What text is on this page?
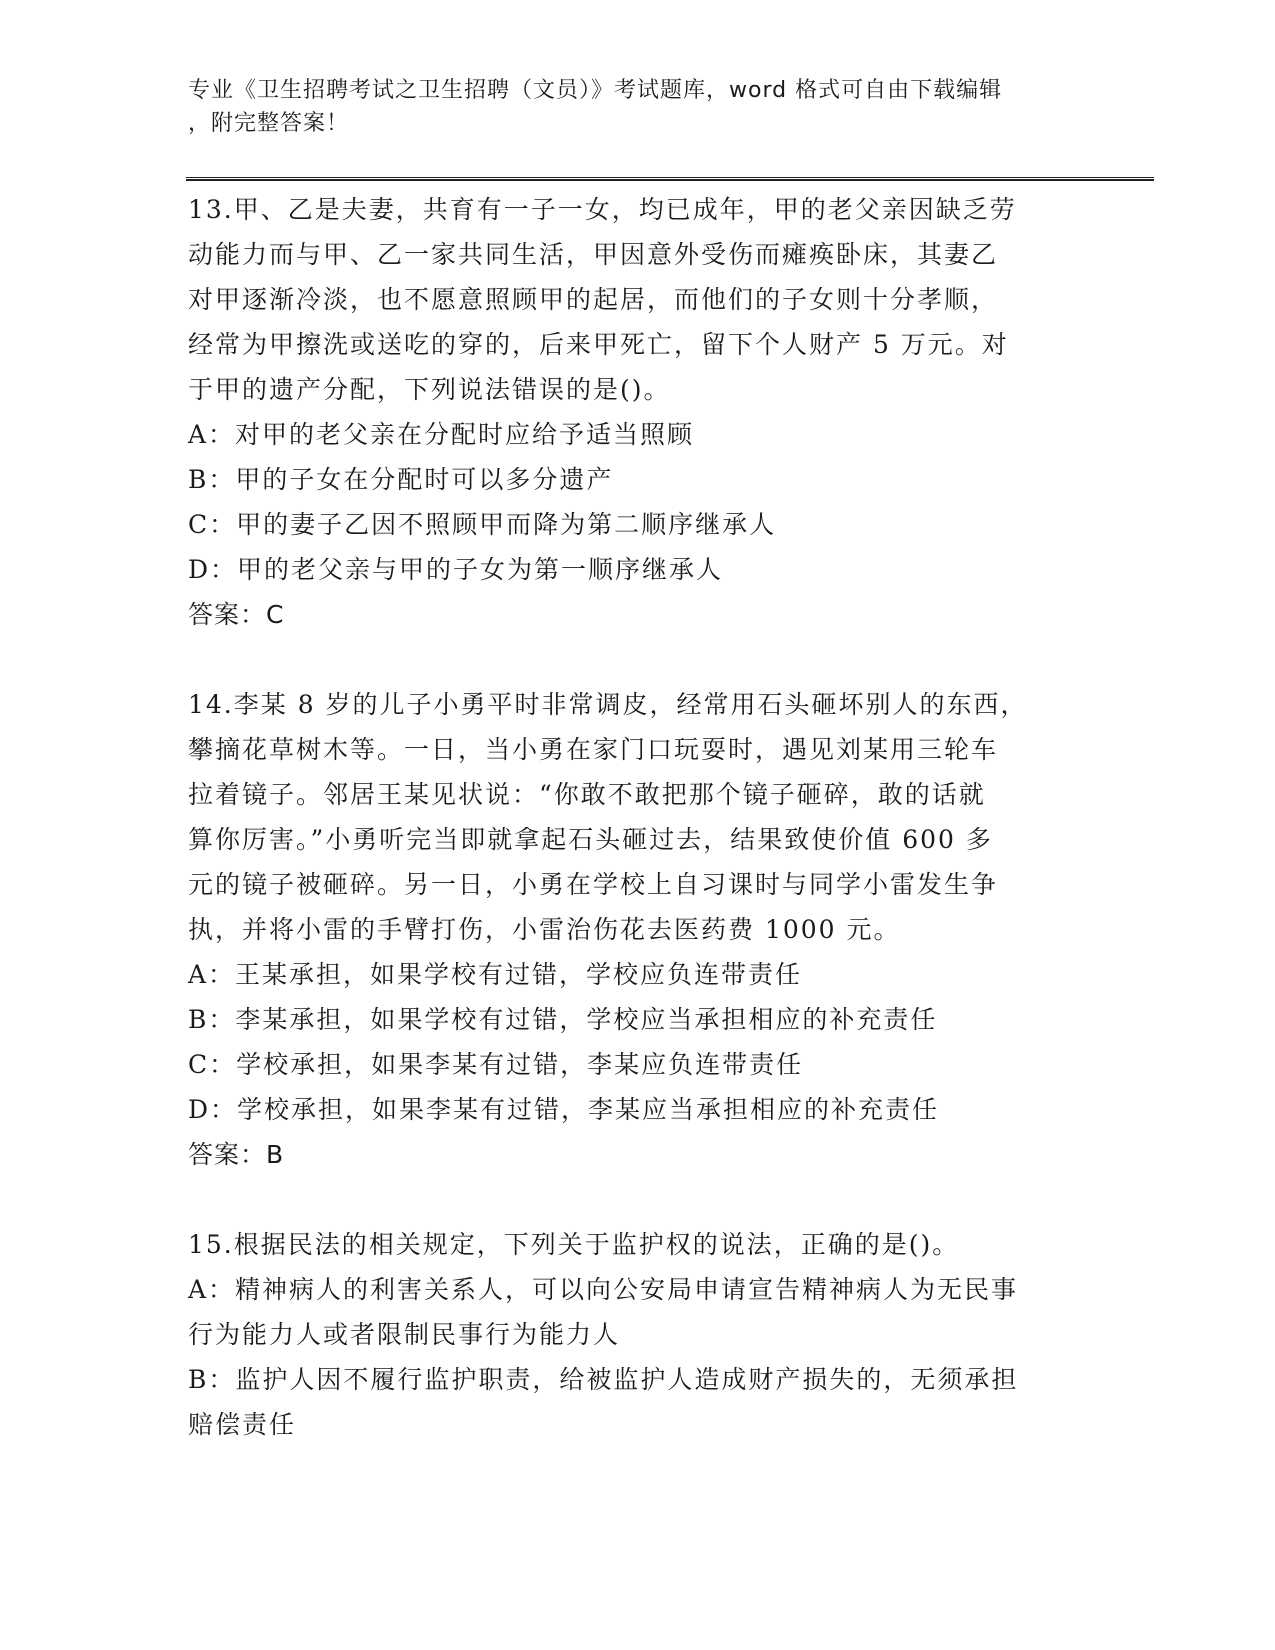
专业《卫生招聘考试之卫生招聘（文员）》考试题库，word 格式可自由下载编辑
，附完整答案！
13.甲、乙是夫妻，共育有一子一女，均已成年，甲的老父亲因缺乏劳
动能力而与甲、乙一家共同生活，甲因意外受伤而瘫痪卧床，其妻乙
对甲逐渐冷淡，也不愿意照顾甲的起居，而他们的子女则十分孝顺，
经常为甲擦洗或送吃的穿的，后来甲死亡，留下个人财产 5 万元。对
于甲的遗产分配，下列说法错误的是()。
A：对甲的老父亲在分配时应给予适当照顾
B：甲的子女在分配时可以多分遗产
C：甲的妻子乙因不照顾甲而降为第二顺序继承人
D：甲的老父亲与甲的子女为第一顺序继承人
答案：C
14.李某 8 岁的儿子小勇平时非常调皮，经常用石头砸坏别人的东西，
攀摘花草树木等。一日，当小勇在家门口玩耍时，遇见刘某用三轮车
拉着镜子。邻居王某见状说：“你敢不敢把那个镜子砸碎，敢的话就
算你厉害。”小勇听完当即就拿起石头砸过去，结果致使价值 600 多
元的镜子被砸碎。另一日，小勇在学校上自习课时与同学小雷发生争
执，并将小雷的手臂打伤，小雷治伤花去医药费 1000 元。
A：王某承担，如果学校有过错，学校应负连带责任
B：李某承担，如果学校有过错，学校应当承担相应的补充责任
C：学校承担，如果李某有过错，李某应负连带责任
D：学校承担，如果李某有过错，李某应当承担相应的补充责任
答案：B
15.根据民法的相关规定，下列关于监护权的说法，正确的是()。
A：精神病人的利害关系人，可以向公安局申请宣告精神病人为无民事
行为能力人或者限制民事行为能力人
B：监护人因不履行监护职责，给被监护人造成财产损失的，无须承担
赔偿责任
